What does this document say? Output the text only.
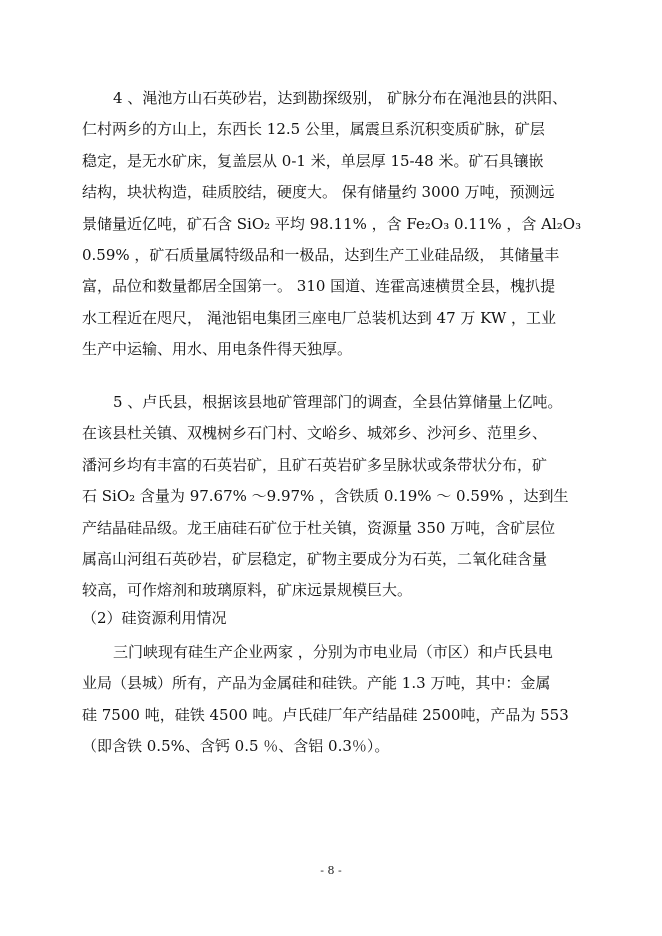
4 、渑池方山石英砂岩，达到勘探级别， 矿脉分布在渑池县的洪阳、
仁村两乡的方山上，东西长 12.5 公里，属震旦系沉积变质矿脉，矿层
稳定，是无水矿床，复盖层从 0-1 米，单层厚 15-48 米。矿石具镶嵌
结构，块状构造，硅质胶结，硬度大。 保有储量约 3000 万吨，预测远
景储量近亿吨，矿石含 SiO₂ 平均 98.11% ，含 Fe₂O₃ 0.11% ，含 Al₂O₃
0.59% ，矿石质量属特级品和一极品，达到生产工业硅品级， 其储量丰
富，品位和数量都居全国第一。 310 国道、连霍高速横贯全县，槐扒提
水工程近在咫尺， 渑池铝电集团三座电厂总装机达到 47 万 KW ，工业
生产中运输、用水、用电条件得天独厚。
5 、卢氏县，根据该县地矿管理部门的调查，全县估算储量上亿吨。
在该县杜关镇、双槐树乡石门村、文峪乡、城郊乡、沙河乡、范里乡、
潘河乡均有丰富的石英岩矿，且矿石英岩矿多呈脉状或条带状分布，矿
石 SiO₂ 含量为 97.67% ～9.97% ，含铁质 0.19% ～ 0.59% ，达到生
产结晶硅品级。龙王庙硅石矿位于杜关镇，资源量 350 万吨，含矿层位
属高山河组石英砂岩，矿层稳定，矿物主要成分为石英，二氧化硅含量
较高，可作熔剂和玻璃原料，矿床远景规模巨大。
（2）硅资源利用情况
三门峡现有硅生产企业两家 ，分别为市电业局（市区）和卢氏县电
业局（县城）所有，产品为金属硅和硅铁。产能 1.3 万吨，其中：金属
硅 7500 吨，硅铁 4500 吨。卢氏硅厂年产结晶硅 2500吨，产品为 553
（即含铁 0.5%、含钙 0.5 ％、含铝 0.3％）。
- 8 -
